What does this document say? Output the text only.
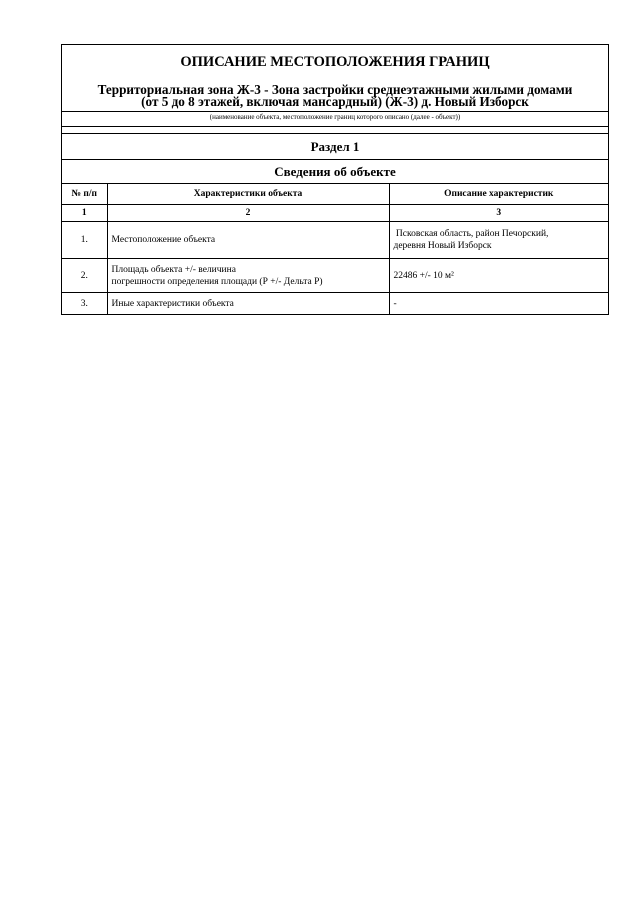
ОПИСАНИЕ МЕСТОПОЛОЖЕНИЯ ГРАНИЦ
Территориальная зона Ж-3 - Зона застройки среднеэтажными жилыми домами
(от 5 до 8 этажей, включая мансардный) (Ж-3) д. Новый Изборск
(наименование объекта, местоположение границ которого описано (далее - объект))
Раздел 1
Сведения об объекте
№ п/п	Характеристики объекта	Описание характеристик
1	2	3
1.	Местоположение объекта	Псковская область, район Печорский,
деревня Новый Изборск

2.	Площадь объекта +/- величина
погрешности определения площади (Р +/- Дельта Р)	22486 +/- 10 м²

3.	Иные характеристики объекта	-
